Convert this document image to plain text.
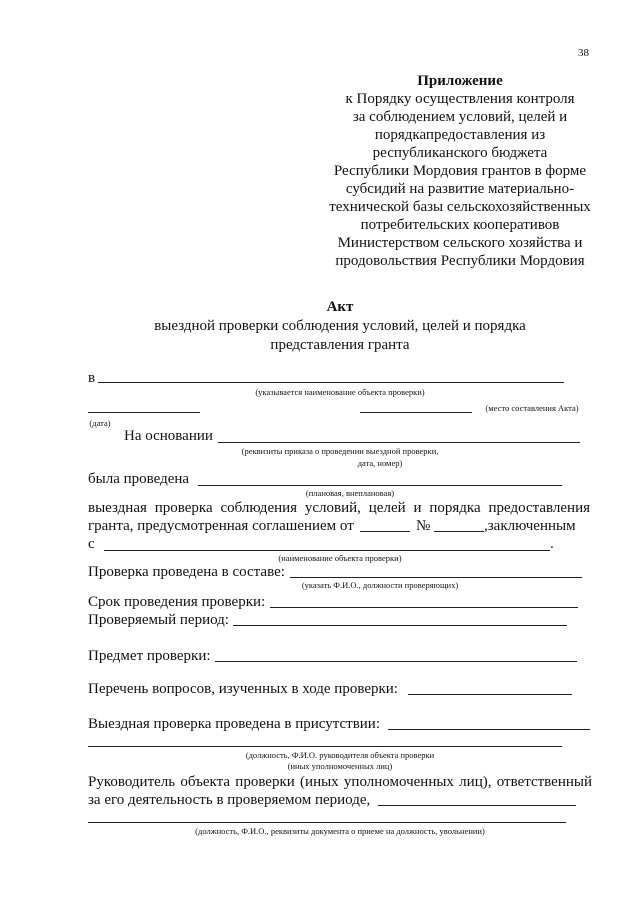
38
Приложение
к Порядку осуществления контроля
за соблюдением условий, целей и
порядкапредоставления из
республиканского бюджета
Республики Мордовия грантов в форме
субсидий на развитие материально-
технической базы сельскохозяйственных
потребительских кооперативов
Министерством сельского хозяйства и
продовольствия Республики Мордовия
Акт
выездной проверки соблюдения условий, целей и порядка
представления гранта
в
(указывается наименование объекта проверки)
(место составления Акта)
(дата)
На основании
(реквизиты приказа о проведении выездной проверки,
дата, номер)
была проведена
(плановая, внеплановая)
выездная проверка соблюдения условий, целей и порядка предоставления
гранта, предусмотренная соглашением от	№	,заключенным
с	.
(наименование объекта проверки)
Проверка проведена в составе:
(указать Ф.И.О., должности проверяющих)
Срок проведения проверки:
Проверяемый период:
Предмет проверки:
Перечень вопросов, изученных в ходе проверки:
Выездная проверка проведена в присутствии:
(должность, Ф.И.О. руководителя объекта проверки
(иных уполномоченных лиц)
Руководитель объекта проверки (иных уполномоченных лиц), ответственный
за его деятельность в проверяемом периоде,
(должность, Ф.И.О., реквизиты документа о приеме на должность, увольнении)
